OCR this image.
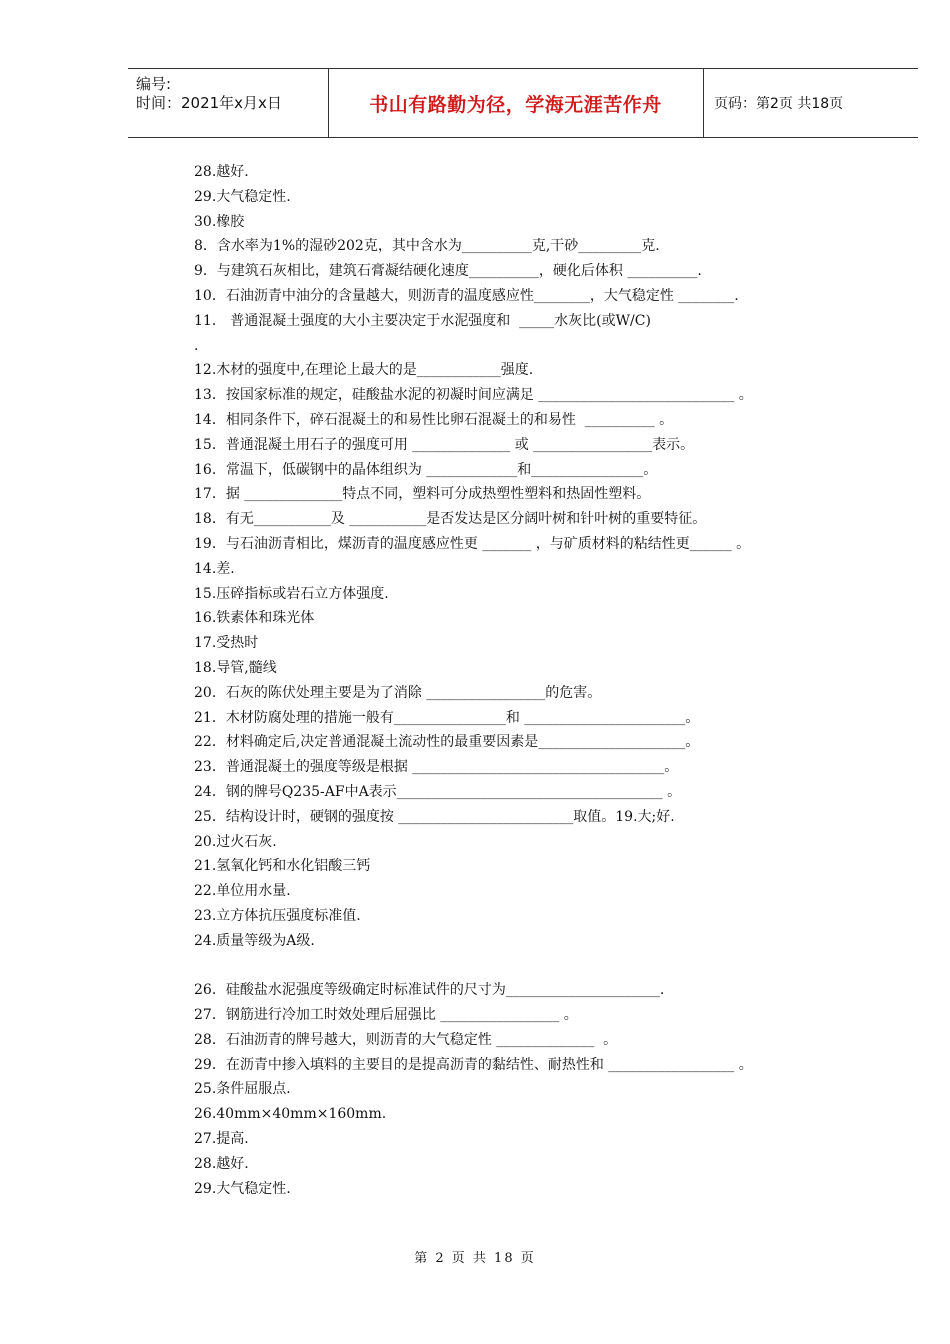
编号:
时间：2021年x月x日	书山有路勤为径，学海无涯苦作舟	页码：第2页 共18页
28.越好.
29.大气稳定性.
30.橡胶
8．含水率为1%的湿砂202克，其中含水为__________克,干砂_________克.
9．与建筑石灰相比，建筑石膏凝结硬化速度__________，硬化后体积 __________.
10．石油沥青中油分的含量越大，则沥青的温度感应性________，大气稳定性 ________.
11． 普通混凝土强度的大小主要决定于水泥强度和  _____水灰比(或W/C)
.
12.木材的强度中,在理论上最大的是____________强度.
13．按国家标准的规定，硅酸盐水泥的初凝时间应满足 ____________________________ 。
14．相同条件下，碎石混凝土的和易性比卵石混凝土的和易性  __________ 。
15．普通混凝土用石子的强度可用 ______________ 或 _________________表示。
16．常温下，低碳钢中的晶体组织为 _____________和________________。
17．据 ______________特点不同，塑料可分成热塑性塑料和热固性塑料。
18．有无___________及 ___________是否发达是区分阔叶树和针叶树的重要特征。
19．与石油沥青相比，煤沥青的温度感应性更 _______ ，与矿质材料的粘结性更______ 。
14.差.
15.压碎指标或岩石立方体强度.
16.铁素体和珠光体
17.受热时
18.导管,髓线
20．石灰的陈伏处理主要是为了消除 _________________的危害。
21．木材防腐处理的措施一般有________________和 _______________________。
22．材料确定后,决定普通混凝土流动性的最重要因素是_____________________。
23．普通混凝土的强度等级是根据 ____________________________________。
24．钢的牌号Q235-AF中A表示______________________________________ 。
25．结构设计时，硬钢的强度按 _________________________取值。19.大;好.
20.过火石灰.
21.氢氧化钙和水化铝酸三钙
22.单位用水量.
23.立方体抗压强度标准值.
24.质量等级为A级.
26．硅酸盐水泥强度等级确定时标准试件的尺寸为______________________.
27．钢筋进行冷加工时效处理后屈强比 _________________ 。
28．石油沥青的牌号越大，则沥青的大气稳定性 ______________  。
29．在沥青中掺入填料的主要目的是提高沥青的黏结性、耐热性和 __________________ 。
25.条件屈服点.
26.40mm×40mm×160mm.
27.提高.
28.越好.
29.大气稳定性.
第 2 页 共 18 页
